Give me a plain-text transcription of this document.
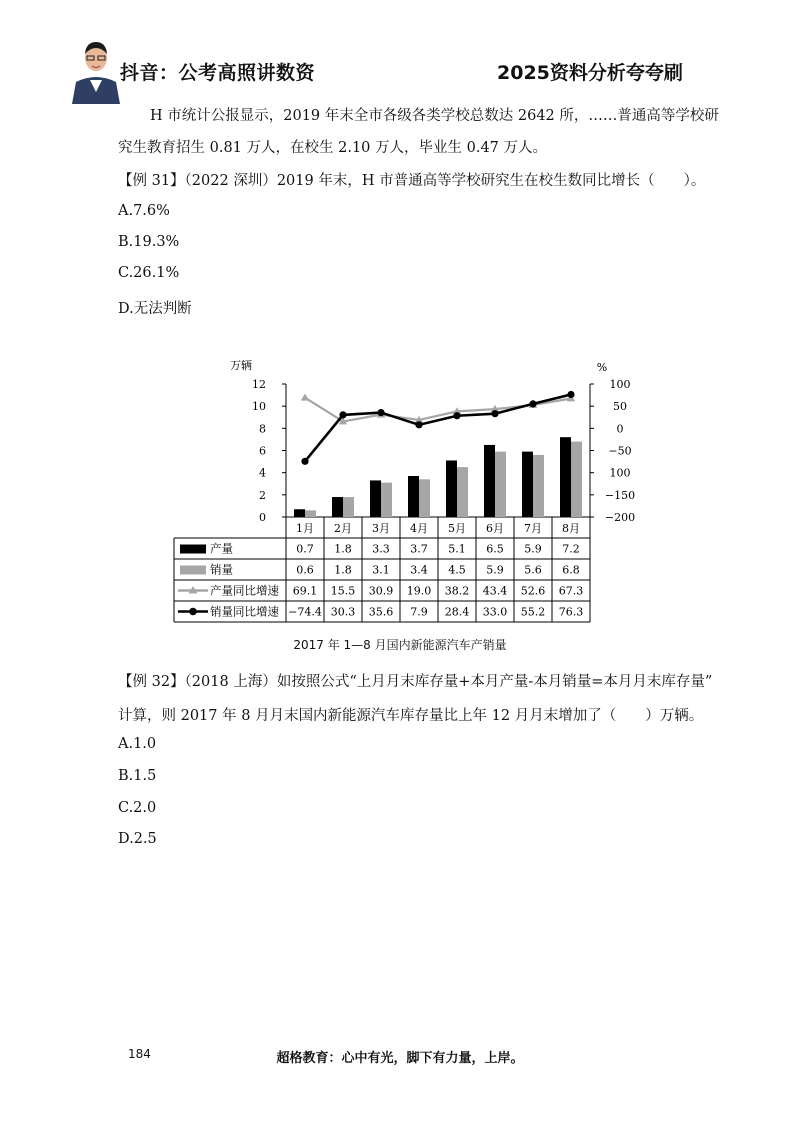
抖音：公考高照讲数资	2025资料分析夸夸刷
H 市统计公报显示，2019 年末全市各级各类学校总数达 2642 所，……普通高等学校研
究生教育招生 0.81 万人，在校生 2.10 万人，毕业生 0.47 万人。
【例 31】（2022 深圳）2019 年末，H 市普通高等学校研究生在校生数同比增长（　　）。
A.7.6%
B.19.3%
C.26.1%
D.无法判断
万辆	%
0
2
4
6
8
10
12
−200
−150
100
−50
0
50
100
1月 2月 3月 4月 5月 6月 7月 8月
产量	0.7 1.8 3.3 3.7 5.1 6.5 5.9 7.2
销量	0.6 1.8 3.1 3.4 4.5 5.9 5.6 6.8
产量同比增速 69.1 15.5 30.9 19.0 38.2 43.4 52.6 67.3
销量同比增速 −74.4 30.3 35.6 7.9 28.4 33.0 55.2 76.3
2017 年 1—8 月国内新能源汽车产销量
【例 32】（2018 上海）如按照公式“上月月末库存量+本月产量-本月销量=本月月末库存量”
计算，则 2017 年 8 月月末国内新能源汽车库存量比上年 12 月月末增加了（　　）万辆。
A.1.0
B.1.5
C.2.0
D.2.5
184	超格教育：心中有光，脚下有力量，上岸。
